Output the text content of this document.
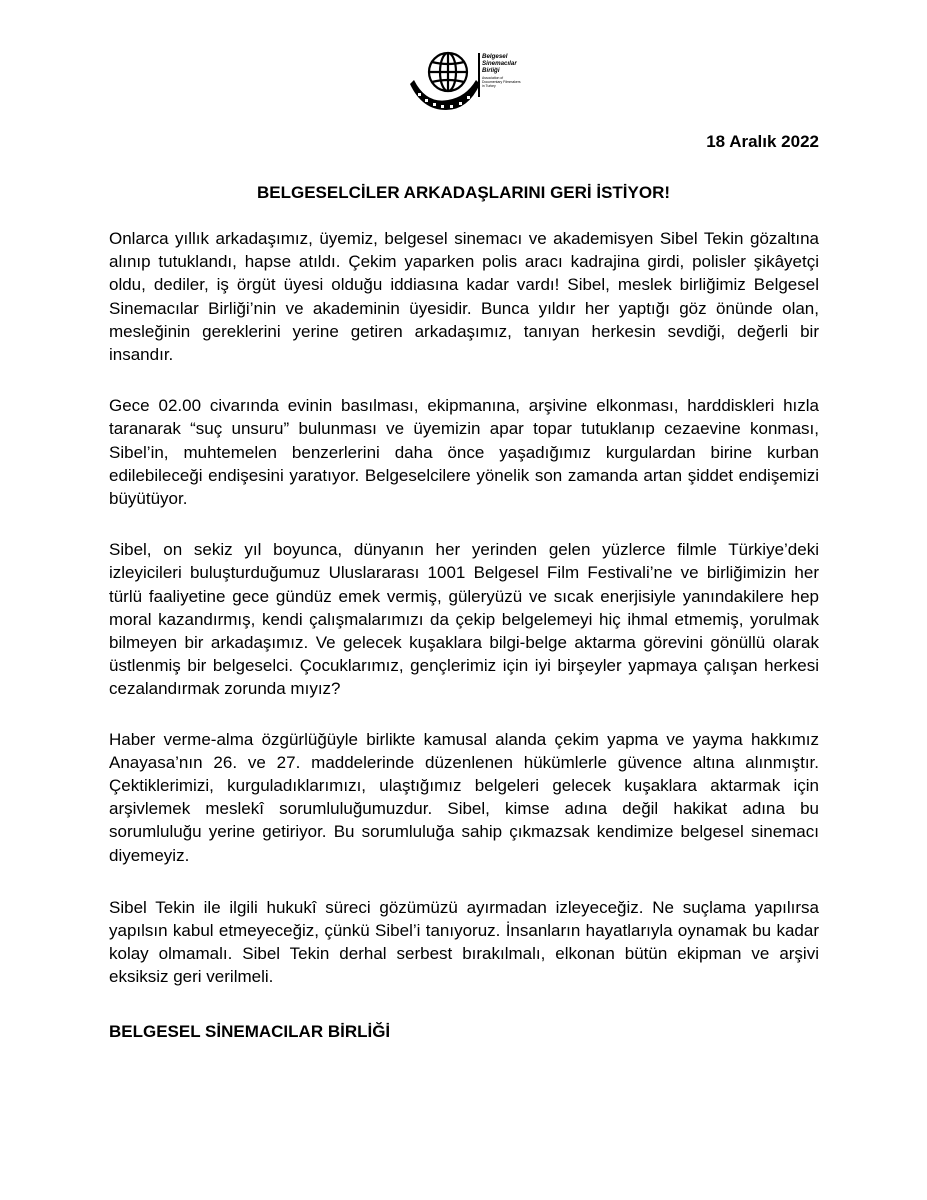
Belgesel
Sinemacılar
Birliği
Association of Documentary Filmmakers in Turkey
18 Aralık 2022
BELGESELCİLER ARKADAŞLARINI GERİ İSTİYOR!

Onlarca yıllık arkadaşımız, üyemiz, belgesel sinemacı ve akademisyen Sibel Tekin gözaltına alınıp tutuklandı, hapse atıldı. Çekim yaparken polis aracı kadrajina girdi, polisler şikâyetçi oldu, dediler, iş örgüt üyesi olduğu iddiasına kadar vardı! Sibel, meslek birliğimiz Belgesel Sinemacılar Birliği’nin ve akademinin üyesidir. Bunca yıldır her yaptığı göz önünde olan, mesleğinin gereklerini yerine getiren arkadaşımız, tanıyan herkesin sevdiği, değerli bir insandır.

Gece 02.00 civarında evinin basılması, ekipmanına, arşivine elkonması, harddiskleri hızla taranarak “suç unsuru” bulunması ve üyemizin apar topar tutuklanıp cezaevine konması, Sibel’in, muhtemelen benzerlerini daha önce yaşadığımız kurgulardan birine kurban edilebileceği endişesini yaratıyor. Belgeselcilere yönelik son zamanda artan şiddet endişemizi büyütüyor.

Sibel, on sekiz yıl boyunca, dünyanın her yerinden gelen yüzlerce filmle Türkiye’deki izleyicileri buluşturduğumuz Uluslararası 1001 Belgesel Film Festivali’ne ve birliğimizin her türlü faaliyetine gece gündüz emek vermiş, güleryüzü ve sıcak enerjisiyle yanındakilere hep moral kazandırmış, kendi çalışmalarımızı da çekip belgelemeyi hiç ihmal etmemiş, yorulmak bilmeyen bir arkadaşımız. Ve gelecek kuşaklara bilgi-belge aktarma görevini gönüllü olarak üstlenmiş bir belgeselci. Çocuklarımız, gençlerimiz için iyi birşeyler yapmaya çalışan herkesi cezalandırmak zorunda mıyız?

Haber verme-alma özgürlüğüyle birlikte kamusal alanda çekim yapma ve yayma hakkımız Anayasa’nın 26. ve 27. maddelerinde düzenlenen hükümlerle güvence altına alınmıştır. Çektiklerimizi, kurguladıklarımızı, ulaştığımız belgeleri gelecek kuşaklara aktarmak için arşivlemek meslekî sorumluluğumuzdur. Sibel, kimse adına değil hakikat adına bu sorumluluğu yerine getiriyor. Bu sorumluluğa sahip çıkmazsak kendimize belgesel sinemacı diyemeyiz.

Sibel Tekin ile ilgili hukukî süreci gözümüzü ayırmadan izleyeceğiz. Ne suçlama yapılırsa yapılsın kabul etmeyeceğiz, çünkü Sibel’i tanıyoruz. İnsanların hayatlarıyla oynamak bu kadar kolay olmamalı. Sibel Tekin derhal serbest bırakılmalı, elkonan bütün ekipman ve arşivi eksiksiz geri verilmeli.

BELGESEL SİNEMACILAR BİRLİĞİ
